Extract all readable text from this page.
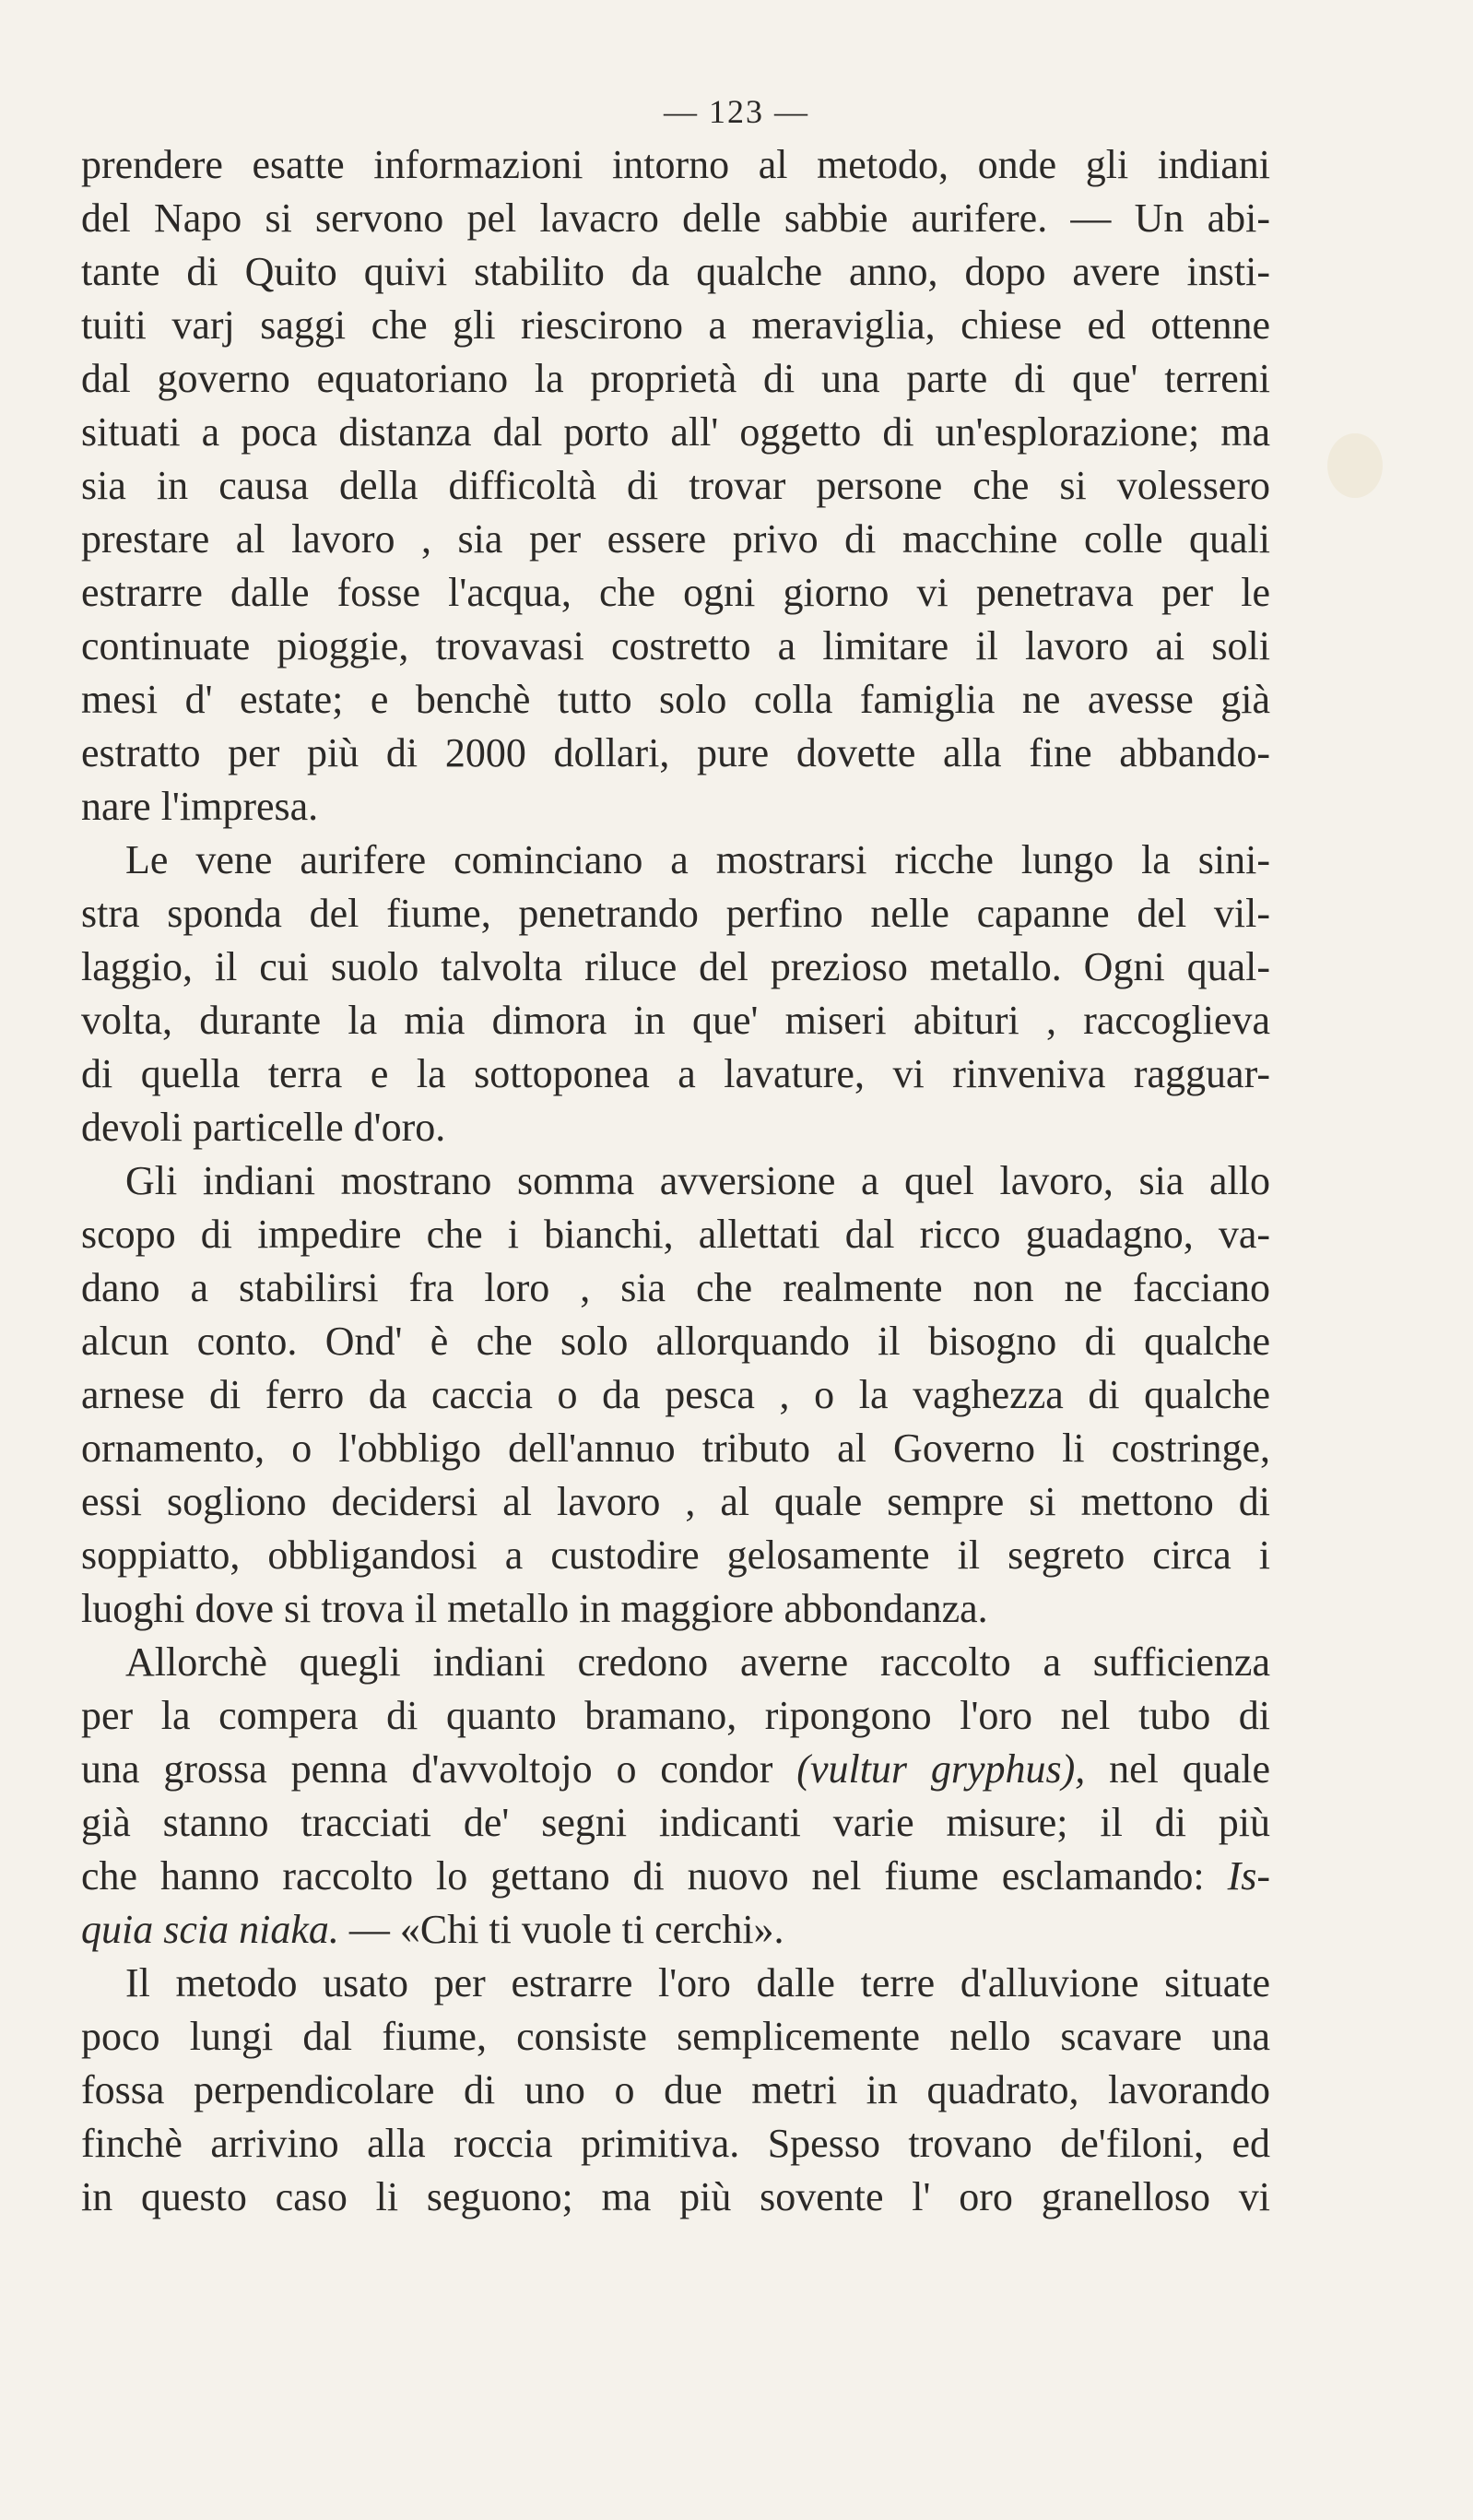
— 123 —
prendere esatte informazioni intorno al metodo, onde gli indiani
del Napo si servono pel lavacro delle sabbie aurifere. — Un abi-
tante di Quito quivi stabilito da qualche anno, dopo avere insti-
tuiti varj saggi che gli riescirono a meraviglia, chiese ed ottenne
dal governo equatoriano la proprietà di una parte di que' terreni
situati a poca distanza dal porto all' oggetto di un'esplorazione; ma
sia in causa della difficoltà di trovar persone che si volessero
prestare al lavoro , sia per essere privo di macchine colle quali
estrarre dalle fosse l'acqua, che ogni giorno vi penetrava per le
continuate pioggie, trovavasi costretto a limitare il lavoro ai soli
mesi d' estate; e benchè tutto solo colla famiglia ne avesse già
estratto per più di 2000 dollari, pure dovette alla fine abbando-
nare l'impresa.
Le vene aurifere cominciano a mostrarsi ricche lungo la sini-
stra sponda del fiume, penetrando perfino nelle capanne del vil-
laggio, il cui suolo talvolta riluce del prezioso metallo. Ogni qual-
volta, durante la mia dimora in que' miseri abituri , raccoglieva
di quella terra e la sottoponea a lavature, vi rinveniva ragguar-
devoli particelle d'oro.
Gli indiani mostrano somma avversione a quel lavoro, sia allo
scopo di impedire che i bianchi, allettati dal ricco guadagno, va-
dano a stabilirsi fra loro , sia che realmente non ne facciano
alcun conto. Ond' è che solo allorquando il bisogno di qualche
arnese di ferro da caccia o da pesca , o la vaghezza di qualche
ornamento, o l'obbligo dell'annuo tributo al Governo li costringe,
essi sogliono decidersi al lavoro , al quale sempre si mettono di
soppiatto, obbligandosi a custodire gelosamente il segreto circa i
luoghi dove si trova il metallo in maggiore abbondanza.
Allorchè quegli indiani credono averne raccolto a sufficienza
per la compera di quanto bramano, ripongono l'oro nel tubo di
una grossa penna d'avvoltojo o condor (vultur gryphus), nel quale
già stanno tracciati de' segni indicanti varie misure; il di più
che hanno raccolto lo gettano di nuovo nel fiume esclamando: Is-
quia scia niaka. — «Chi ti vuole ti cerchi».
Il metodo usato per estrarre l'oro dalle terre d'alluvione situate
poco lungi dal fiume, consiste semplicemente nello scavare una
fossa perpendicolare di uno o due metri in quadrato, lavorando
finchè arrivino alla roccia primitiva. Spesso trovano de'filoni, ed
in questo caso li seguono; ma più sovente l' oro granelloso vi
